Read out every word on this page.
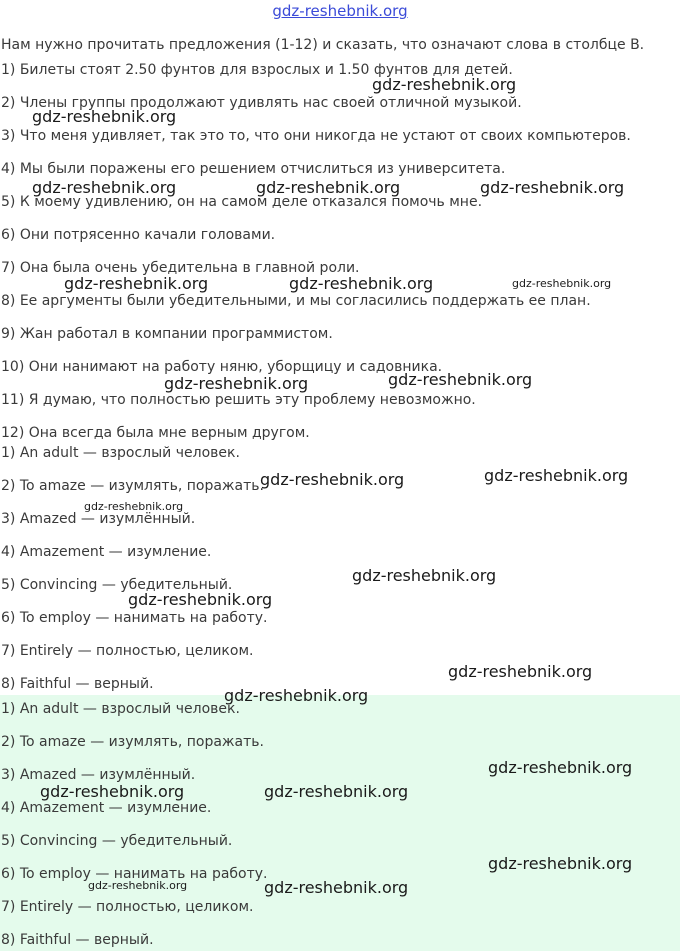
gdz-reshebnik.org
Нам нужно прочитать предложения (1-12) и сказать, что означают слова в столбце B.
1) Билеты стоят 2.50 фунтов для взрослых и 1.50 фунтов для детей.
2) Члены группы продолжают удивлять нас своей отличной музыкой.
3) Что меня удивляет, так это то, что они никогда не устают от своих компьютеров.
4) Мы были поражены его решением отчислиться из университета.
5) К моему удивлению, он на самом деле отказался помочь мне.
6) Они потрясенно качали головами.
7) Она была очень убедительна в главной роли.
8) Ее аргументы были убедительными, и мы согласились поддержать ее план.
9) Жан работал в компании программистом.
10) Они нанимают на работу няню, уборщицу и садовника.
11) Я думаю, что полностью решить эту проблему невозможно.
12) Она всегда была мне верным другом.
1) An adult — взрослый человек.
2) To amaze — изумлять, поражать.
3) Amazed — изумлённый.
4) Amazement — изумление.
5) Convincing — убедительный.
6) To employ — нанимать на работу.
7) Entirely — полностью, целиком.
8) Faithful — верный.
1) An adult — взрослый человек.
2) To amaze — изумлять, поражать.
3) Amazed — изумлённый.
4) Amazement — изумление.
5) Convincing — убедительный.
6) To employ — нанимать на работу.
7) Entirely — полностью, целиком.
8) Faithful — верный.
gdz-reshebnik.org
gdz-reshebnik.org
gdz-reshebnik.org	gdz-reshebnik.org	gdz-reshebnik.org
gdz-reshebnik.org	gdz-reshebnik.org	gdz-reshebnik.org
gdz-reshebnik.org	gdz-reshebnik.org
gdz-reshebnik.org	gdz-reshebnik.org
gdz-reshebnik.org
gdz-reshebnik.org
gdz-reshebnik.org
gdz-reshebnik.org
gdz-reshebnik.org
gdz-reshebnik.org
gdz-reshebnik.org	gdz-reshebnik.org
gdz-reshebnik.org
gdz-reshebnik.org	gdz-reshebnik.org
